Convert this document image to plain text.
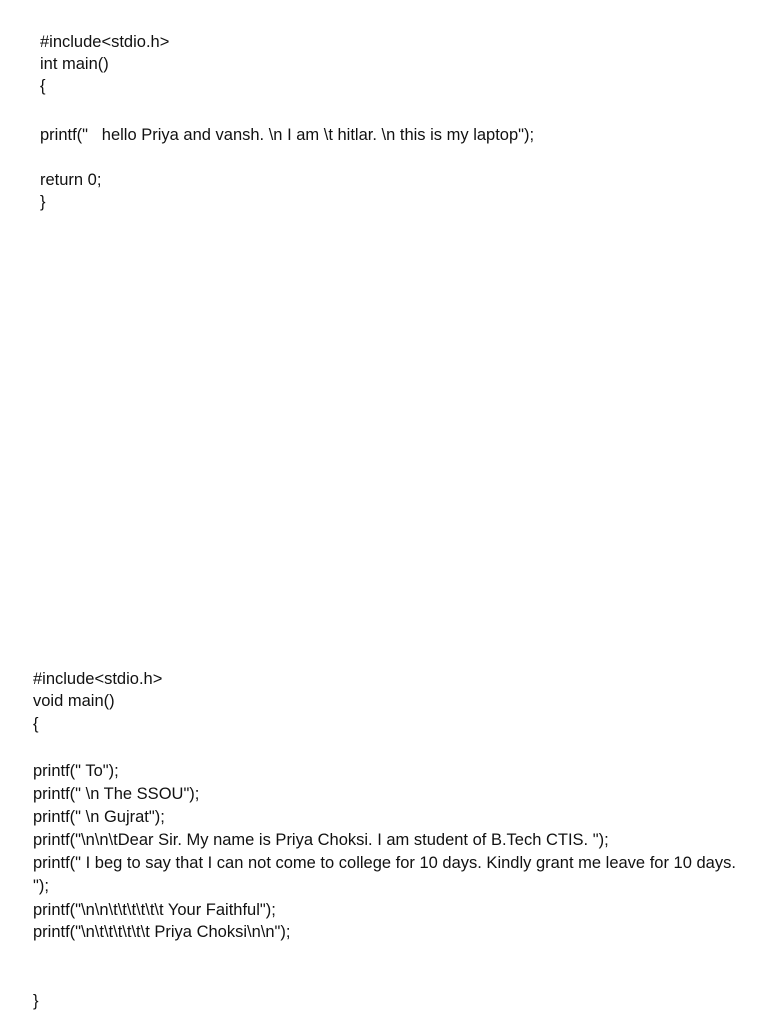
#include<stdio.h>

int main()

{

printf("   hello Priya and vansh. \n I am \t hitlar. \n this is my laptop");

return 0;

}

#include<stdio.h>

void main()

{

printf(" To");

printf(" \n The SSOU");

printf(" \n Gujrat");

printf("\n\n\tDear Sir. My name is Priya Choksi. I am student of B.Tech CTIS. ");

printf(" I beg to say that I can not come to college for 10 days. Kindly grant me leave for 10 days. ");

printf("\n\n\t\t\t\t\t\t Your Faithful");

printf("\n\t\t\t\t\t\t Priya Choksi\n\n");

}
